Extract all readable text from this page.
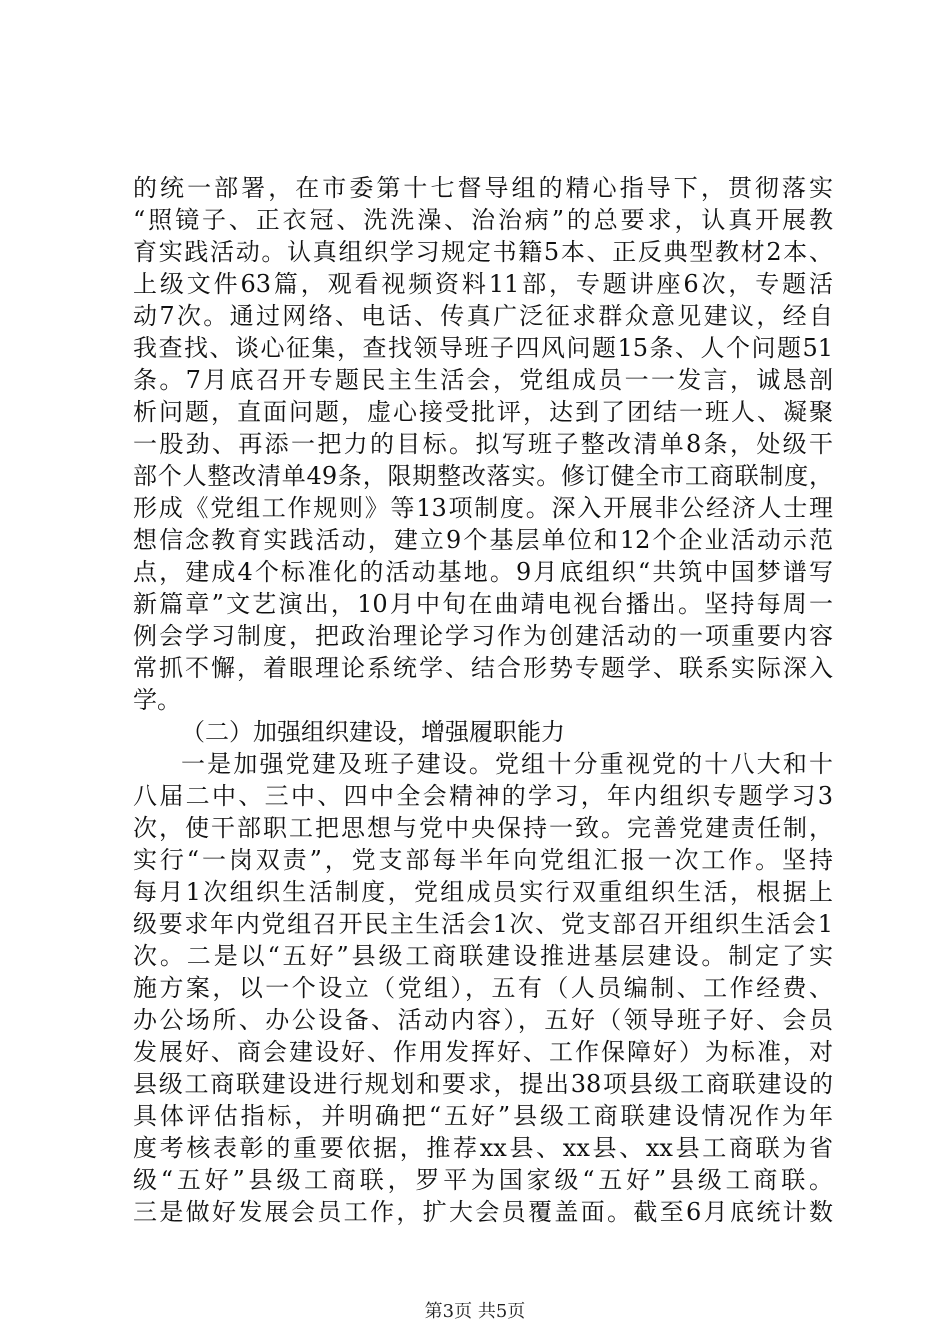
的统一部署，在市委第十七督导组的精心指导下，贯彻落实
“照镜子、正衣冠、洗洗澡、治治病”的总要求，认真开展教
育实践活动。认真组织学习规定书籍5本、正反典型教材2本、
上级文件63篇，观看视频资料11部，专题讲座6次，专题活
动7次。通过网络、电话、传真广泛征求群众意见建议，经自
我查找、谈心征集，查找领导班子四风问题15条、人个问题51
条。7月底召开专题民主生活会，党组成员一一发言，诚恳剖
析问题，直面问题，虚心接受批评，达到了团结一班人、凝聚
一股劲、再添一把力的目标。拟写班子整改清单8条，处级干
部个人整改清单49条，限期整改落实。修订健全市工商联制度，
形成《党组工作规则》等13项制度。深入开展非公经济人士理
想信念教育实践活动，建立9个基层单位和12个企业活动示范
点，建成4个标准化的活动基地。9月底组织“共筑中国梦谱写
新篇章”文艺演出，10月中旬在曲靖电视台播出。坚持每周一
例会学习制度，把政治理论学习作为创建活动的一项重要内容
常抓不懈，着眼理论系统学、结合形势专题学、联系实际深入
学。
（二）加强组织建设，增强履职能力
一是加强党建及班子建设。党组十分重视党的十八大和十
八届二中、三中、四中全会精神的学习，年内组织专题学习3
次，使干部职工把思想与党中央保持一致。完善党建责任制，
实行“一岗双责”，党支部每半年向党组汇报一次工作。坚持
每月1次组织生活制度，党组成员实行双重组织生活，根据上
级要求年内党组召开民主生活会1次、党支部召开组织生活会1
次。二是以“五好”县级工商联建设推进基层建设。制定了实
施方案，以一个设立（党组），五有（人员编制、工作经费、
办公场所、办公设备、活动内容），五好（领导班子好、会员
发展好、商会建设好、作用发挥好、工作保障好）为标准，对
县级工商联建设进行规划和要求，提出38项县级工商联建设的
具体评估指标，并明确把“五好”县级工商联建设情况作为年
度考核表彰的重要依据，推荐xx县、xx县、xx县工商联为省
级“五好”县级工商联，罗平为国家级“五好”县级工商联。
三是做好发展会员工作，扩大会员覆盖面。截至6月底统计数
第3页 共5页
